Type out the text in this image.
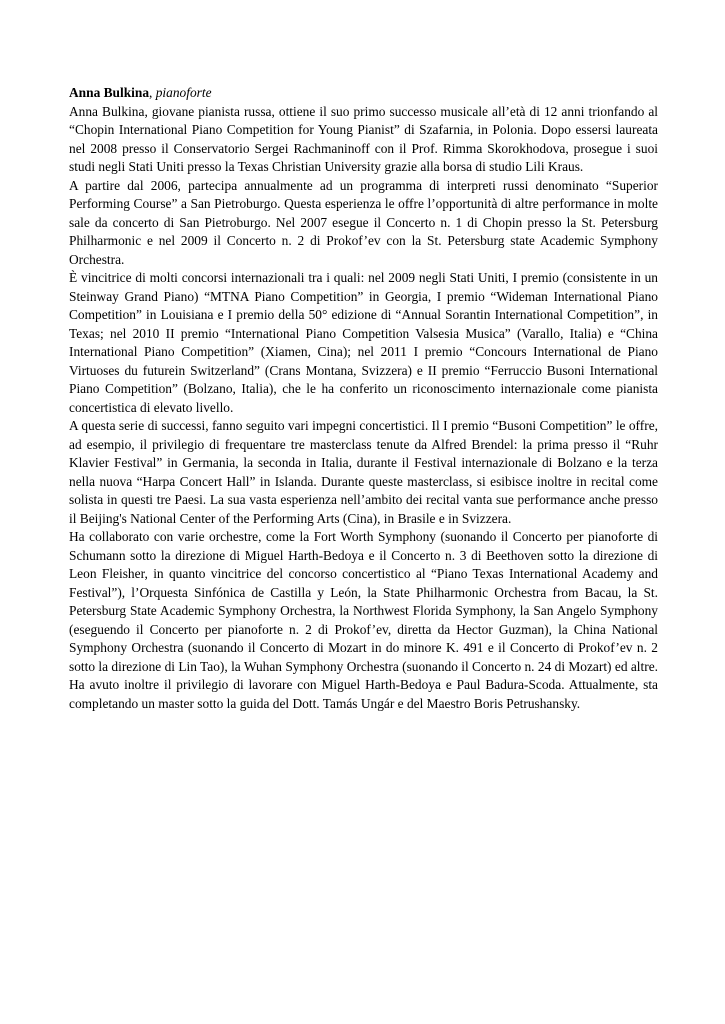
Anna Bulkina, pianoforte

Anna Bulkina, giovane pianista russa, ottiene il suo primo successo musicale all’età di 12 anni trionfando al “Chopin International Piano Competition for Young Pianist” di Szafarnia, in Polonia. Dopo essersi laureata nel 2008 presso il Conservatorio Sergei Rachmaninoff con il Prof. Rimma Skorokhodova, prosegue i suoi studi negli Stati Uniti presso la Texas Christian University grazie alla borsa di studio Lili Kraus.

A partire dal 2006, partecipa annualmente ad un programma di interpreti russi denominato “Superior Performing Course” a San Pietroburgo. Questa esperienza le offre l’opportunità di altre performance in molte sale da concerto di San Pietroburgo. Nel 2007 esegue il Concerto n. 1 di Chopin presso la St. Petersburg Philharmonic e nel 2009 il Concerto n. 2 di Prokof’ev con la St. Petersburg state Academic Symphony Orchestra.

È vincitrice di molti concorsi internazionali tra i quali: nel 2009 negli Stati Uniti, I premio (consistente in un Steinway Grand Piano) “MTNA Piano Competition” in Georgia, I premio “Wideman International Piano Competition” in Louisiana e I premio della 50° edizione di “Annual Sorantin International Competition”, in Texas; nel 2010 II premio “International Piano Competition Valsesia Musica” (Varallo, Italia) e “China International Piano Competition” (Xiamen, Cina); nel 2011 I premio “Concours International de Piano Virtuoses du futurein Switzerland” (Crans Montana, Svizzera) e II premio “Ferruccio Busoni International Piano Competition” (Bolzano, Italia), che le ha conferito un riconoscimento internazionale come pianista concertistica di elevato livello.

A questa serie di successi, fanno seguito vari impegni concertistici. Il I premio “Busoni Competition” le offre, ad esempio, il privilegio di frequentare tre masterclass tenute da Alfred Brendel: la prima presso il “Ruhr Klavier Festival” in Germania, la seconda in Italia, durante il Festival internazionale di Bolzano e la terza nella nuova “Harpa Concert Hall” in Islanda. Durante queste masterclass, si esibisce inoltre in recital come solista in questi tre Paesi. La sua vasta esperienza nell’ambito dei recital vanta sue performance anche presso il Beijing's National Center of the Performing Arts (Cina), in Brasile e in Svizzera.

Ha collaborato con varie orchestre, come la Fort Worth Symphony (suonando il Concerto per pianoforte di Schumann sotto la direzione di Miguel Harth-Bedoya e il Concerto n. 3 di Beethoven sotto la direzione di Leon Fleisher, in quanto vincitrice del concorso concertistico al “Piano Texas International Academy and Festival”), l’Orquesta Sinfónica de Castilla y León, la State Philharmonic Orchestra from Bacau, la St. Petersburg State Academic Symphony Orchestra, la Northwest Florida Symphony, la San Angelo Symphony (eseguendo il Concerto per pianoforte n. 2 di Prokof’ev, diretta da Hector Guzman), la China National Symphony Orchestra (suonando il Concerto di Mozart in do minore K. 491 e il Concerto di Prokof’ev n. 2 sotto la direzione di Lin Tao), la Wuhan Symphony Orchestra (suonando il Concerto n. 24 di Mozart) ed altre. Ha avuto inoltre il privilegio di lavorare con Miguel Harth-Bedoya e Paul Badura-Scoda. Attualmente, sta completando un master sotto la guida del Dott. Tamás Ungár e del Maestro Boris Petrushansky.
